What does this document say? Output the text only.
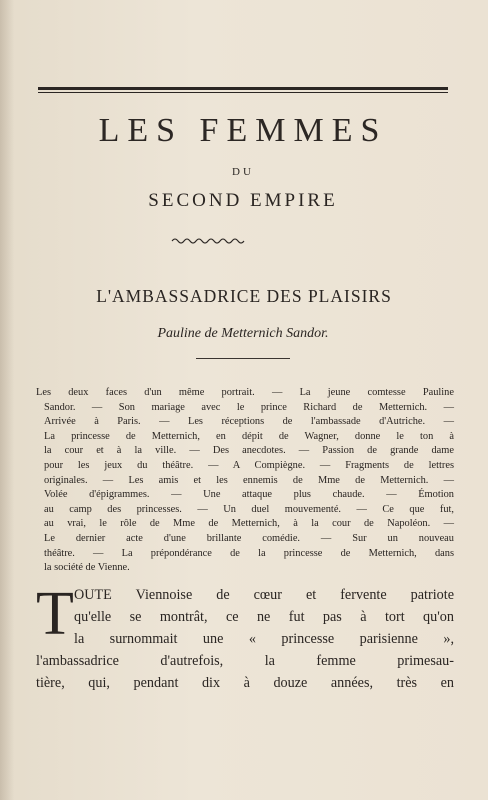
LES FEMMES
DU
SECOND EMPIRE
L'AMBASSADRICE DES PLAISIRS
Pauline de Metternich Sandor.
Les deux faces d'un même portrait. — La jeune comtesse Pauline
Sandor. — Son mariage avec le prince Richard de Metternich. —
Arrivée à Paris. — Les réceptions de l'ambassade d'Autriche. —
La princesse de Metternich, en dépit de Wagner, donne le ton à
la cour et à la ville. — Des anecdotes. — Passion de grande dame
pour les jeux du théâtre. — A Compiègne. — Fragments de lettres
originales. — Les amis et les ennemis de Mme de Metternich. —
Volée d'épigrammes. — Une attaque plus chaude. — Émotion
au camp des princesses. — Un duel mouvementé. — Ce que fut,
au vrai, le rôle de Mme de Metternich, à la cour de Napoléon. —
Le dernier acte d'une brillante comédie. — Sur un nouveau
théâtre. — La prépondérance de la princesse de Metternich, dans
la société de Vienne.
T OUTE Viennoise de cœur et fervente patriote
qu'elle se montrât, ce ne fut pas à tort qu'on
la surnommait une « princesse parisienne »,
l'ambassadrice d'autrefois, la femme primesau-
tière, qui, pendant dix à douze années, très en
